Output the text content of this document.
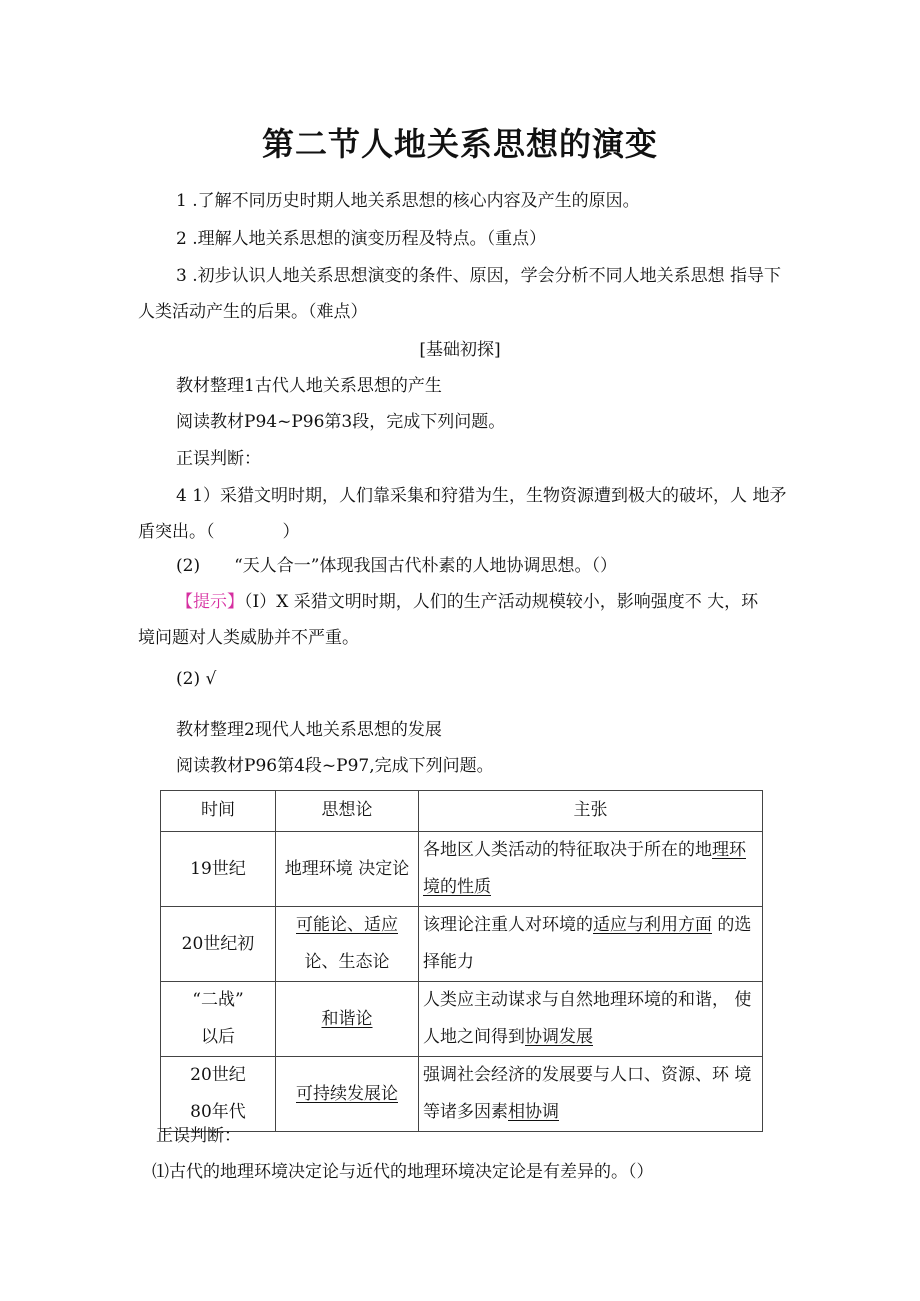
第二节人地关系思想的演变
1 .了解不同历史时期人地关系思想的核心内容及产生的原因。
2 .理解人地关系思想的演变历程及特点。（重点）
3 .初步认识人地关系思想演变的条件、原因，学会分析不同人地关系思想 指导下
人类活动产生的后果。（难点）
[基础初探]
教材整理1古代人地关系思想的产生
阅读教材P94~P96第3段，完成下列问题。
正误判断：
4 1）采猎文明时期，人们靠采集和狩猎为生，生物资源遭到极大的破坏，人 地矛
盾突出。（　　　　）
(2)　　“天人合一”体现我国古代朴素的人地协调思想。（）
【提示】（I）X 采猎文明时期，人们的生产活动规模较小，影响强度不 大，环
境问题对人类威胁并不严重。
(2) √
教材整理2现代人地关系思想的发展
阅读教材P96第4段~P97,完成下列问题。
时间	思想论	主张
19世纪	地理环境 决定论	各地区人类活动的特征取决于所在的地理环
境的性质
20世纪初	可能论、适应
论、生态论	该理论注重人对环境的适应与利用方面 的选
择能力
“二战”
以后	和谐论	人类应主动谋求与自然地理环境的和谐， 使
人地之间得到协调发展
20世纪
80年代	可持续发展论	强调社会经济的发展要与人口、资源、环 境
等诸多因素相协调
正误判断：
⑴古代的地理环境决定论与近代的地理环境决定论是有差异的。（）
